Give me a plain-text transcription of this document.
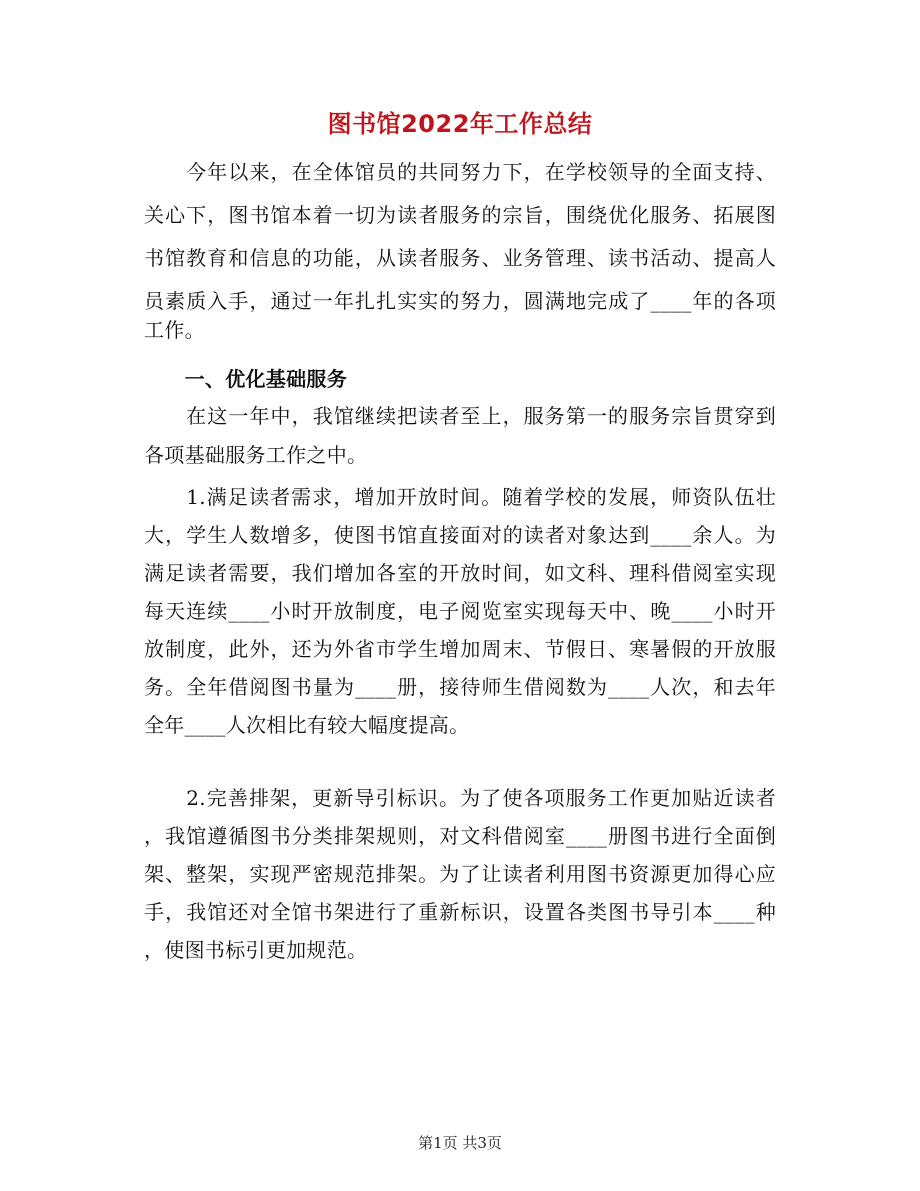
图书馆2022年工作总结
　　今年以来，在全体馆员的共同努力下，在学校领导的全面支持、
关心下，图书馆本着一切为读者服务的宗旨，围绕优化服务、拓展图
书馆教育和信息的功能，从读者服务、业务管理、读书活动、提高人
员素质入手，通过一年扎扎实实的努力，圆满地完成了____年的各项
工作。
　　一、优化基础服务
　　在这一年中，我馆继续把读者至上，服务第一的服务宗旨贯穿到
各项基础服务工作之中。
　　1.满足读者需求，增加开放时间。随着学校的发展，师资队伍壮
大，学生人数增多，使图书馆直接面对的读者对象达到____余人。为
满足读者需要，我们增加各室的开放时间，如文科、理科借阅室实现
每天连续____小时开放制度，电子阅览室实现每天中、晚____小时开
放制度，此外，还为外省市学生增加周末、节假日、寒暑假的开放服
务。全年借阅图书量为____册，接待师生借阅数为____人次，和去年
全年____人次相比有较大幅度提高。
　　2.完善排架，更新导引标识。为了使各项服务工作更加贴近读者
，我馆遵循图书分类排架规则，对文科借阅室____册图书进行全面倒
架、整架，实现严密规范排架。为了让读者利用图书资源更加得心应
手，我馆还对全馆书架进行了重新标识，设置各类图书导引本____种
，使图书标引更加规范。
第1页 共3页
